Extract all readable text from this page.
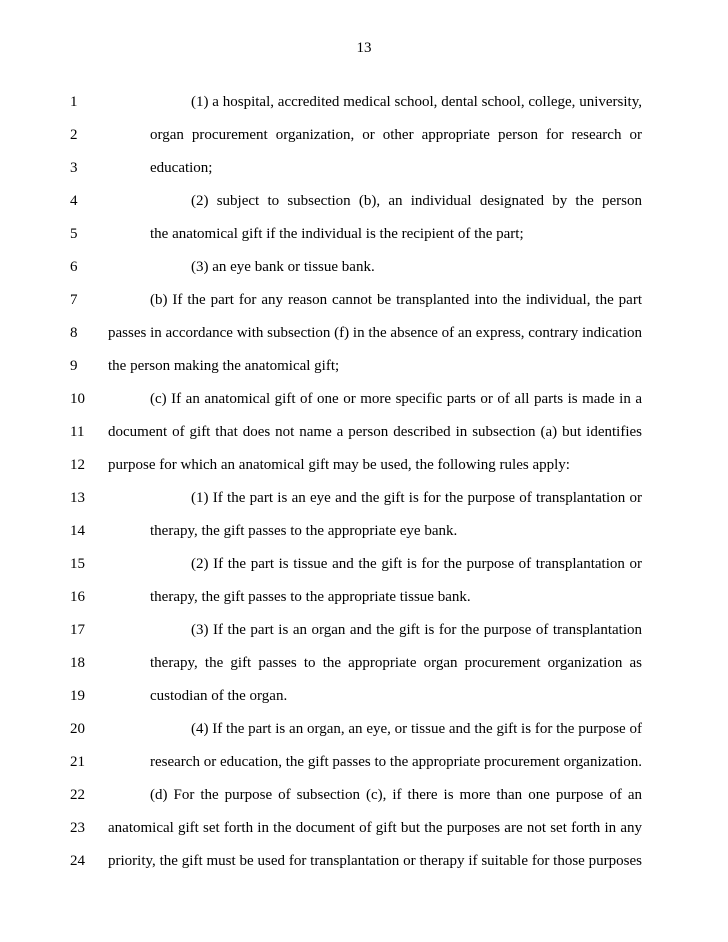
13
1	(1) a hospital, accredited medical school, dental school, college, university,
2	organ procurement organization, or other appropriate person for research or
3	education;
4	(2) subject to subsection (b), an individual designated by the person
5	the anatomical gift if the individual is the recipient of the part;
6	(3) an eye bank or tissue bank.
7	(b) If the part for any reason cannot be transplanted into the individual, the part
8	passes in accordance with subsection (f) in the absence of an express, contrary indication
9	the person making the anatomical gift;
10	(c) If an anatomical gift of one or more specific parts or of all parts is made in a
11	document of gift that does not name a person described in subsection (a) but identifies
12	purpose for which an anatomical gift may be used, the following rules apply:
13	(1) If the part is an eye and the gift is for the purpose of transplantation or
14	therapy, the gift passes to the appropriate eye bank.
15	(2) If the part is tissue and the gift is for the purpose of transplantation or
16	therapy, the gift passes to the appropriate tissue bank.
17	(3) If the part is an organ and the gift is for the purpose of transplantation
18	therapy, the gift passes to the appropriate organ procurement organization as
19	custodian of the organ.
20	(4) If the part is an organ, an eye, or tissue and the gift is for the purpose of
21	research or education, the gift passes to the appropriate procurement organization.
22	(d) For the purpose of subsection (c), if there is more than one purpose of an
23	anatomical gift set forth in the document of gift but the purposes are not set forth in any
24	priority, the gift must be used for transplantation or therapy if suitable for those purposes
